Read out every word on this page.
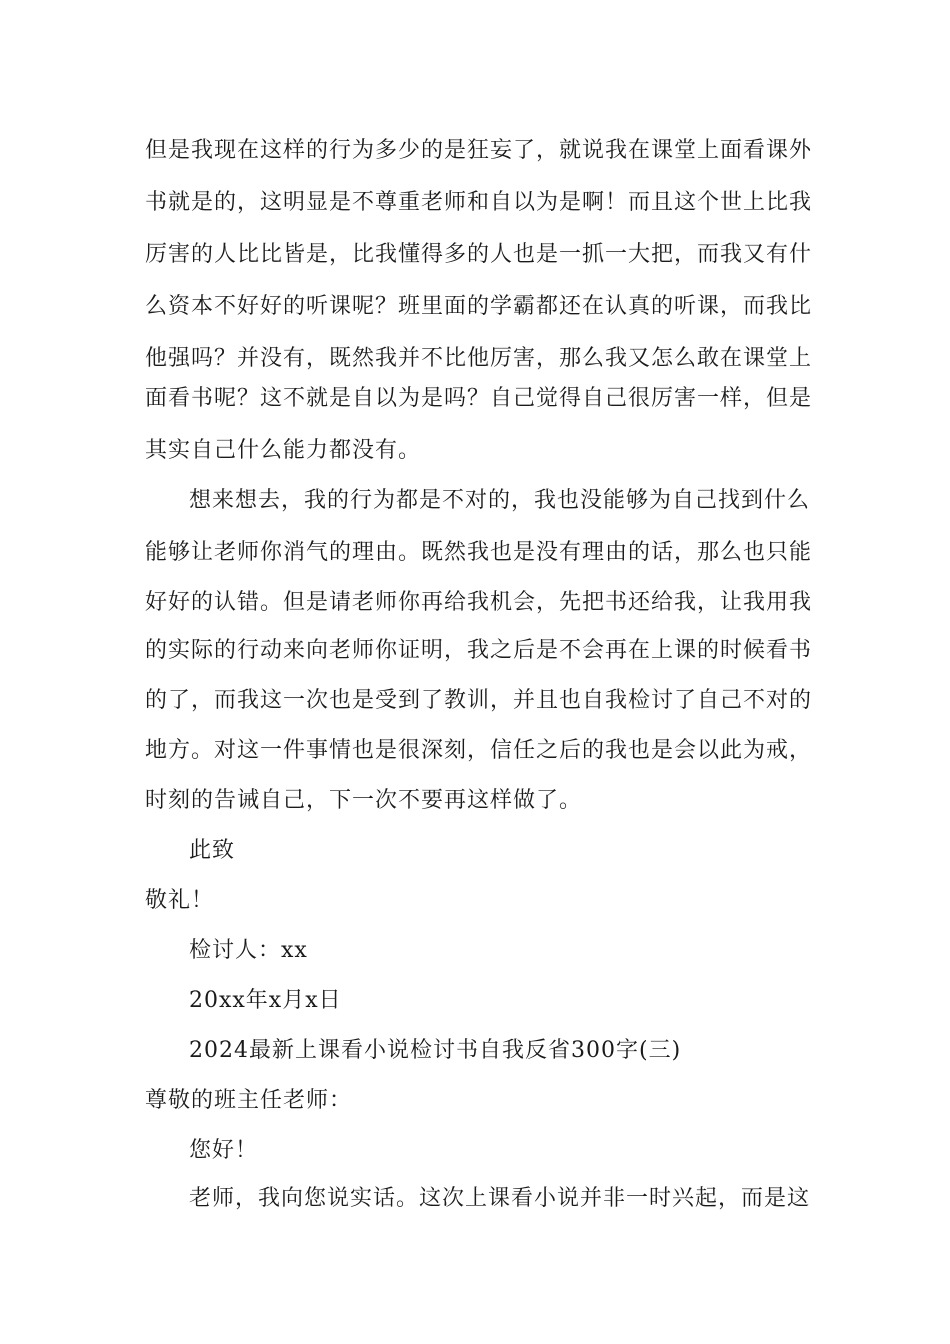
但是我现在这样的行为多少的是狂妄了，就说我在课堂上面看课外
书就是的，这明显是不尊重老师和自以为是啊！而且这个世上比我
厉害的人比比皆是，比我懂得多的人也是一抓一大把，而我又有什
么资本不好好的听课呢？班里面的学霸都还在认真的听课，而我比
他强吗？并没有，既然我并不比他厉害，那么我又怎么敢在课堂上
面看书呢？这不就是自以为是吗？自己觉得自己很厉害一样，但是
其实自己什么能力都没有。
想来想去，我的行为都是不对的，我也没能够为自己找到什么
能够让老师你消气的理由。既然我也是没有理由的话，那么也只能
好好的认错。但是请老师你再给我机会，先把书还给我，让我用我
的实际的行动来向老师你证明，我之后是不会再在上课的时候看书
的了，而我这一次也是受到了教训，并且也自我检讨了自己不对的
地方。对这一件事情也是很深刻，信任之后的我也是会以此为戒，
时刻的告诫自己，下一次不要再这样做了。
此致
敬礼！
检讨人：xx
20xx年x月x日
2024最新上课看小说检讨书自我反省300字(三)
尊敬的班主任老师：
您好！
老师，我向您说实话。这次上课看小说并非一时兴起，而是这
